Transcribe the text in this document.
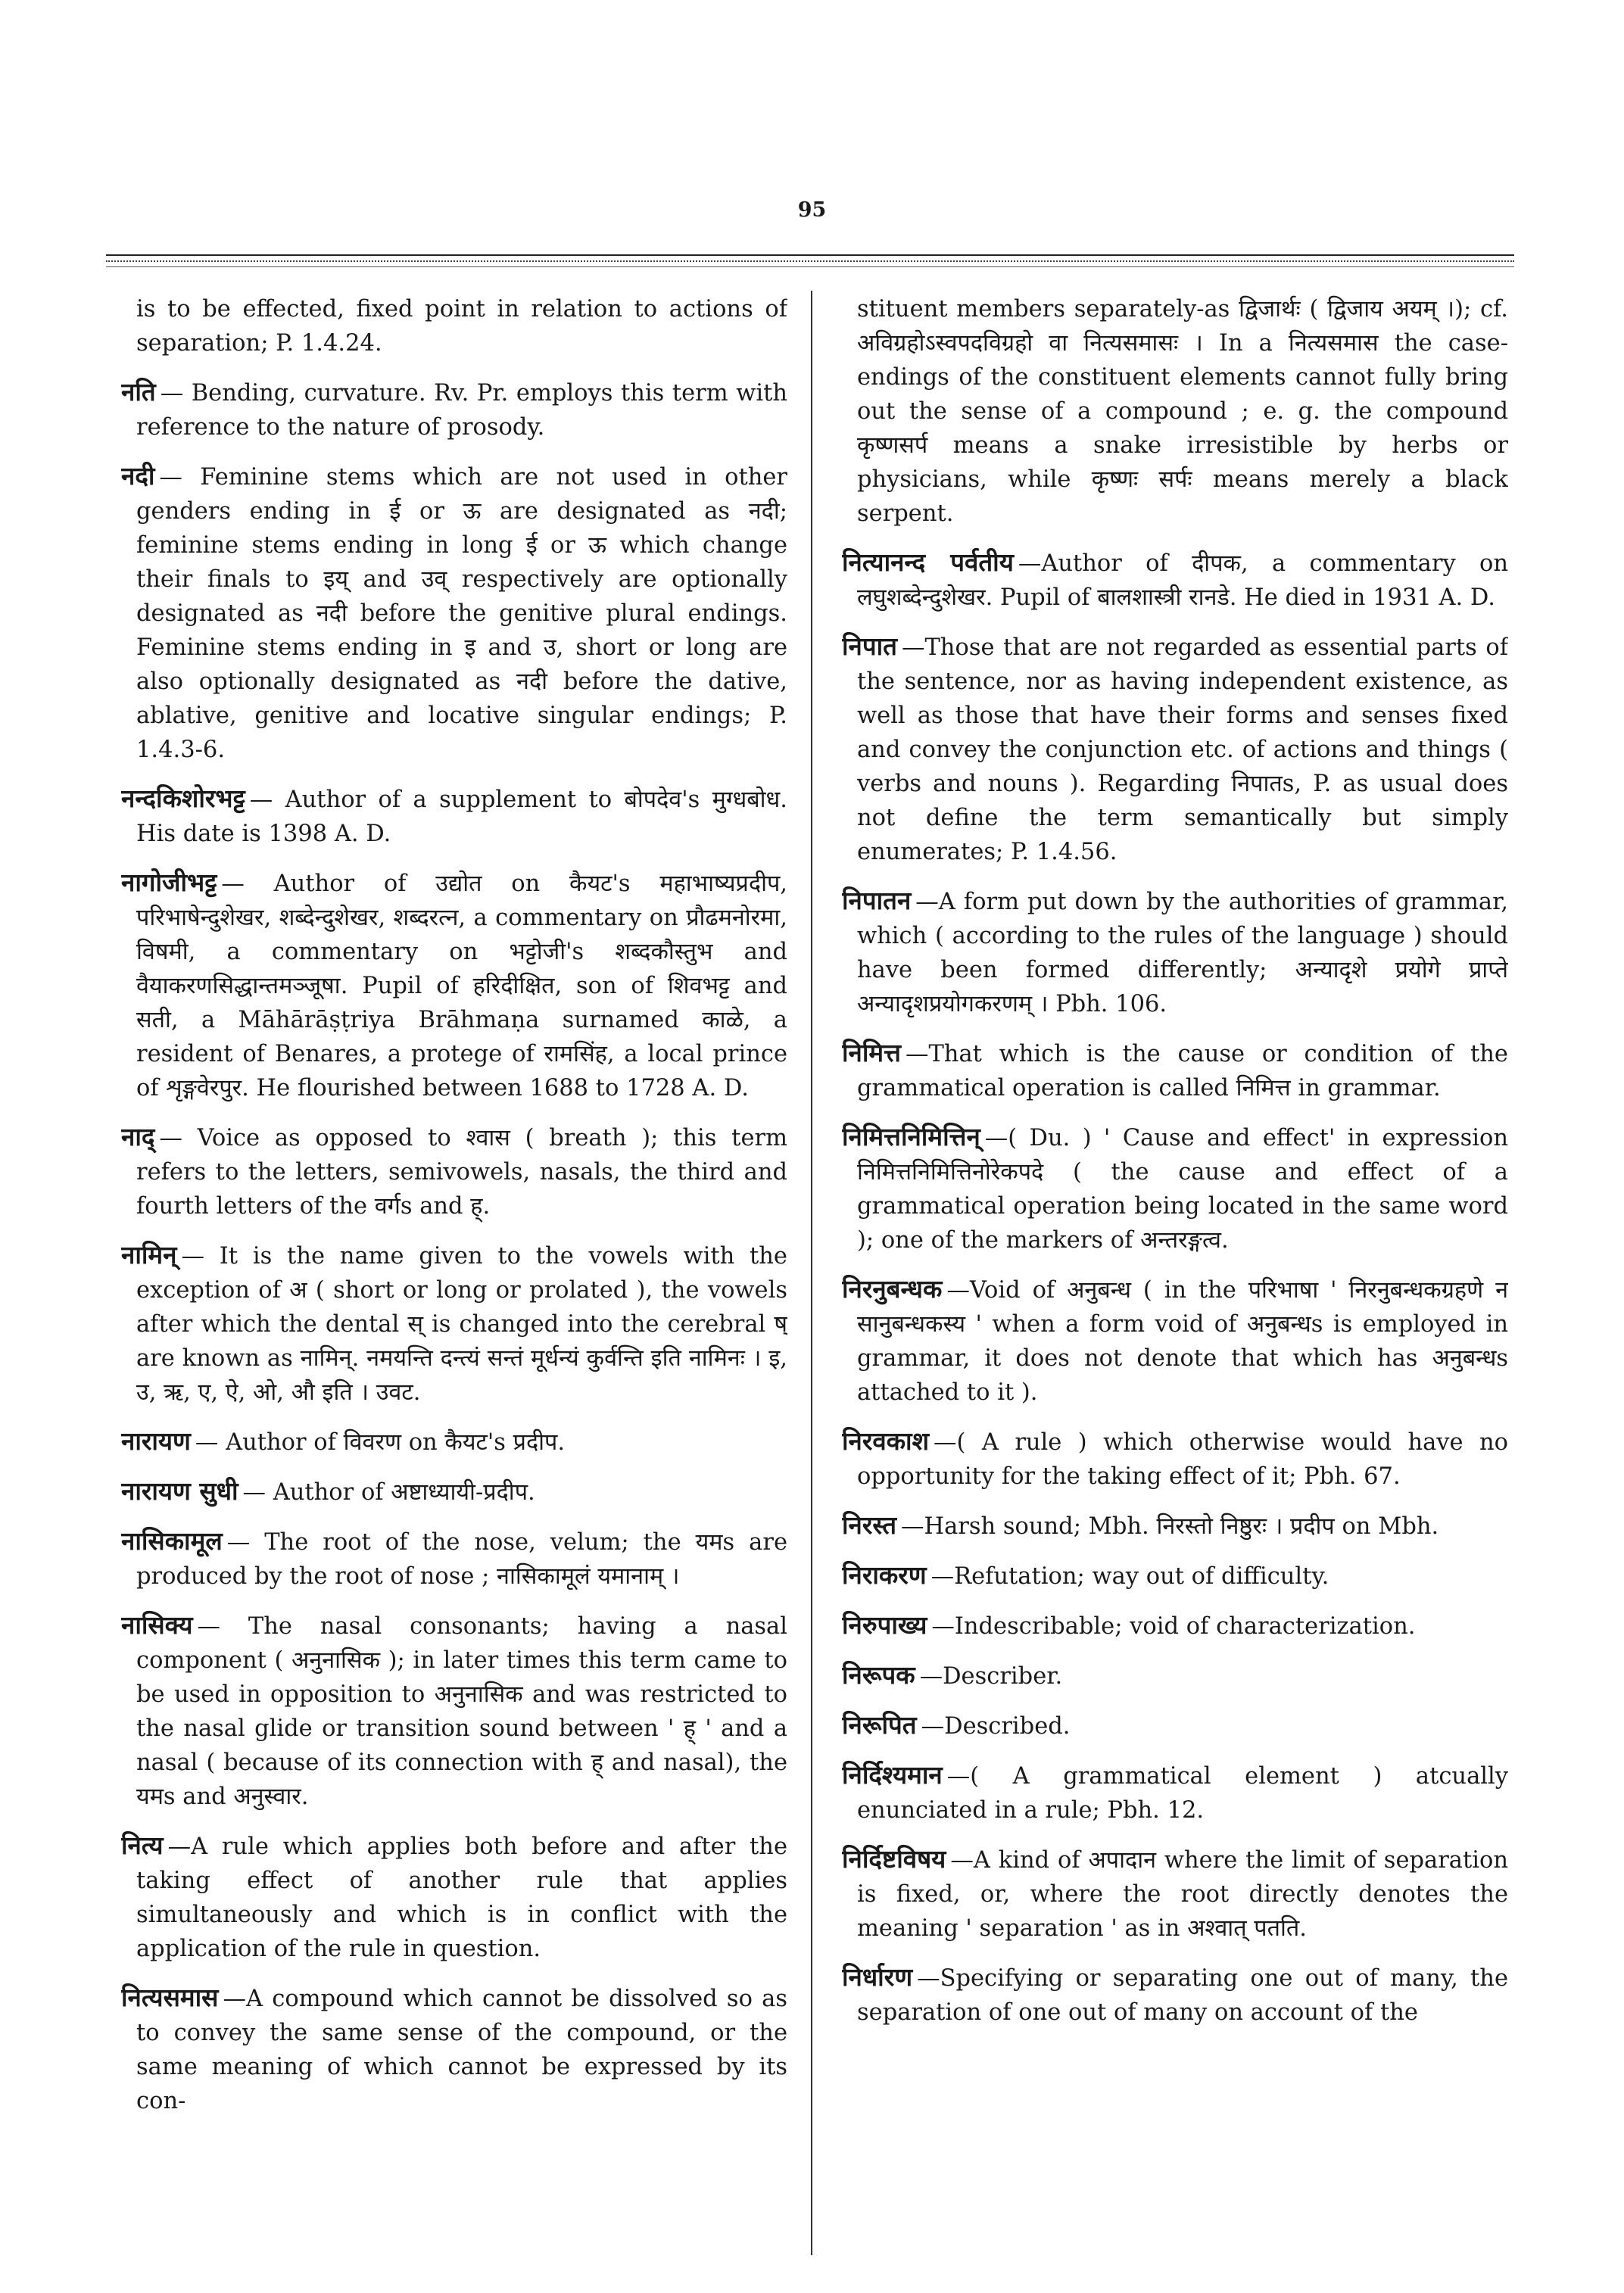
95

is to be effected, fixed point in relation to actions of separation; P. 1.4.24.

नति — Bending, curvature. Rv. Pr. employs this term with reference to the nature of prosody.

नदी — Feminine stems which are not used in other genders ending in ई or ऊ are designated as नदी; feminine stems ending in long ई or ऊ which change their finals to इय् and उव् respectively are optionally designated as नदी before the genitive plural endings. Feminine stems ending in इ and उ, short or long are also optionally designated as नदी before the dative, ablative, genitive and locative singular endings; P. 1.4.3-6.

नन्दकिशोरभट्ट — Author of a supplement to बोपदेव's मुग्धबोध. His date is 1398 A. D.

नागोजीभट्ट — Author of उद्योत on कैयट's महाभाष्यप्रदीप, परिभाषेन्दुशेखर, शब्देन्दुशेखर, शब्दरत्न, a commentary on प्रौढमनोरमा, विषमी, a commentary on भट्टोजी's शब्दकौस्तुभ and वैयाकरणसिद्धान्तमञ्जूषा. Pupil of हरिदीक्षित, son of शिवभट्ट and सती, a Māhārāṣṭriya Brāhmaṇa surnamed काळे, a resident of Benares, a protege of रामसिंह, a local prince of शृङ्गवेरपुर. He flourished between 1688 to 1728 A. D.

नाद् — Voice as opposed to श्वास ( breath ); this term refers to the letters, semivowels, nasals, the third and fourth letters of the वर्गs and ह्.

नामिन् — It is the name given to the vowels with the exception of अ ( short or long or prolated ), the vowels after which the dental स् is changed into the cerebral ष् are known as नामिन्. नमयन्ति दन्त्यं सन्तं मूर्धन्यं कुर्वन्ति इति नामिनः । इ, उ, ऋ, ए, ऐ, ओ, औ इति । उवट.

नारायण — Author of विवरण on कैयट's प्रदीप.

नारायण सुधी — Author of अष्टाध्यायी-प्रदीप.

नासिकामूल — The root of the nose, velum; the यमs are produced by the root of nose ; नासिकामूलं यमानाम् ।

नासिक्य — The nasal consonants; having a nasal component ( अनुनासिक ); in later times this term came to be used in opposition to अनुनासिक and was restricted to the nasal glide or transition sound between ' ह् ' and a nasal ( because of its connection with ह् and nasal), the यमs and अनुस्वार.

नित्य —A rule which applies both before and after the taking effect of another rule that applies simultaneously and which is in conflict with the application of the rule in question.

नित्यसमास —A compound which cannot be dissolved so as to convey the same sense of the compound, or the same meaning of which cannot be expressed by its con-

stituent members separately-as द्विजार्थः ( द्विजाय अयम् ।); cf. अविग्रहोऽस्वपदविग्रहो वा नित्यसमासः । In a नित्यसमास the case-endings of the constituent elements cannot fully bring out the sense of a compound ; e. g. the compound कृष्णसर्प means a snake irresistible by herbs or physicians, while कृष्णः सर्पः means merely a black serpent.

नित्यानन्द पर्वतीय —Author of दीपक, a commentary on लघुशब्देन्दुशेखर. Pupil of बालशास्त्री रानडे. He died in 1931 A. D.

निपात —Those that are not regarded as essential parts of the sentence, nor as having independent existence, as well as those that have their forms and senses fixed and convey the conjunction etc. of actions and things ( verbs and nouns ). Regarding निपातs, P. as usual does not define the term semantically but simply enumerates; P. 1.4.56.

निपातन —A form put down by the authorities of grammar, which ( according to the rules of the language ) should have been formed differently; अन्यादृशे प्रयोगे प्राप्ते अन्यादृशप्रयोगकरणम् । Pbh. 106.

निमित्त —That which is the cause or condition of the grammatical operation is called निमित्त in grammar.

निमित्तनिमित्तिन् —( Du. ) ' Cause and effect' in expression निमित्तनिमित्तिनोरेकपदे ( the cause and effect of a grammatical operation being located in the same word ); one of the markers of अन्तरङ्गत्व.

निरनुबन्धक —Void of अनुबन्ध ( in the परिभाषा ' निरनुबन्धकग्रहणे न सानुबन्धकस्य ' when a form void of अनुबन्धs is employed in grammar, it does not denote that which has अनुबन्धs attached to it ).

निरवकाश —( A rule ) which otherwise would have no opportunity for the taking effect of it; Pbh. 67.

निरस्त —Harsh sound; Mbh. निरस्तो निष्ठुरः । प्रदीप on Mbh.

निराकरण —Refutation; way out of difficulty.

निरुपाख्य —Indescribable; void of characterization.

निरूपक —Describer.

निरूपित —Described.

निर्दिश्यमान —( A grammatical element ) atcually enunciated in a rule; Pbh. 12.

निर्दिष्टविषय —A kind of अपादान where the limit of separation is fixed, or, where the root directly denotes the meaning ' separation ' as in अश्वात् पतति.

निर्धारण —Specifying or separating one out of many, the separation of one out of many on account of the
